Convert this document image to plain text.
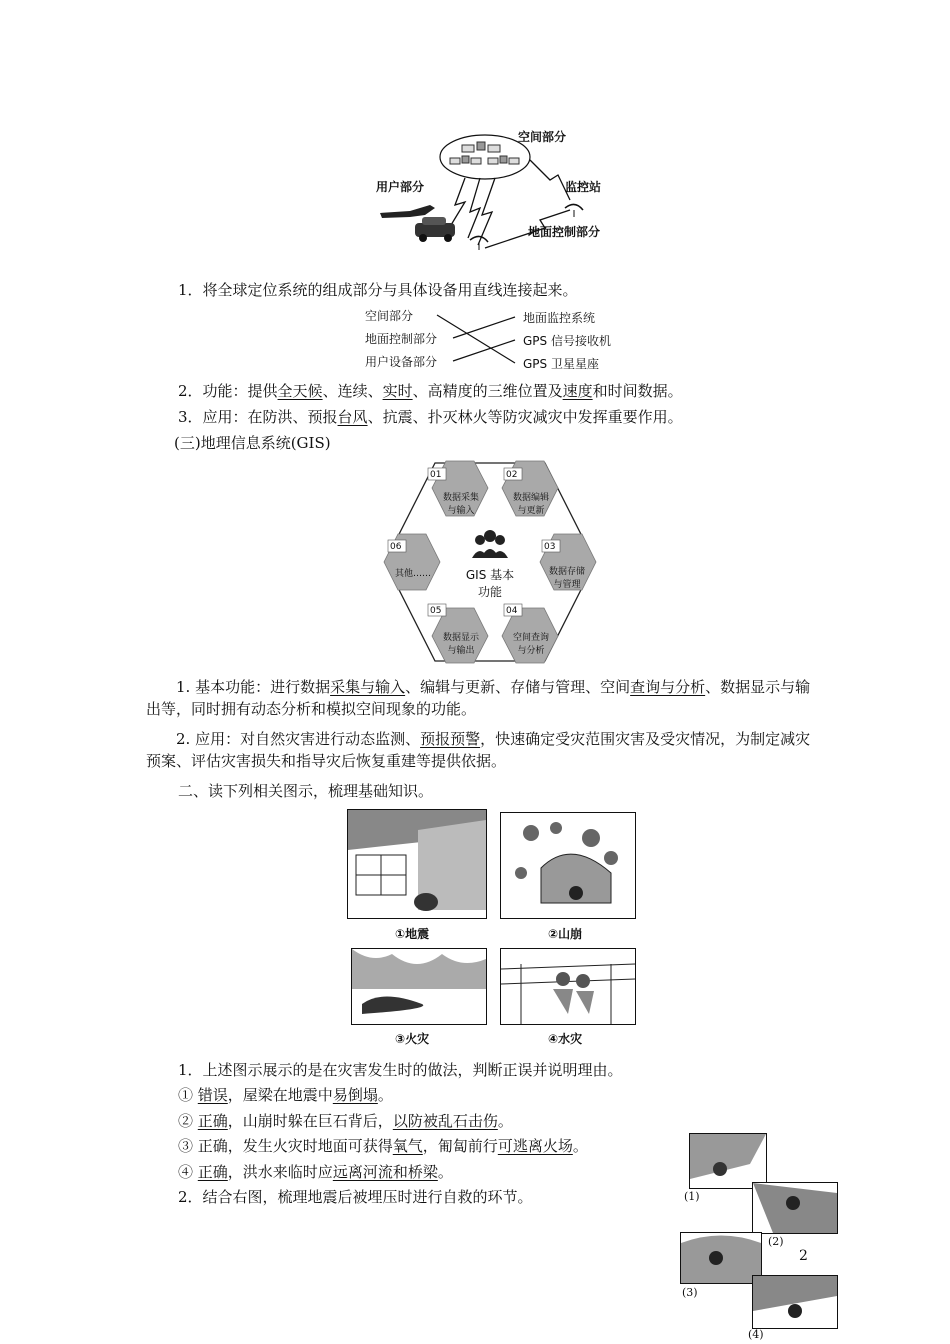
空间部分
用户部分	监控站
地面控制部分
1．将全球定位系统的组成部分与具体设备用直线连接起来。
空间部分
地面控制部分
用户设备部分
地面监控系统
GPS 信号接收机
GPS 卫星星座
2．功能：提供全天候、连续、实时、高精度的三维位置及速度和时间数据。
3．应用：在防洪、预报台风、抗震、扑灭林火等防灾减灾中发挥重要作用。
(三)地理信息系统(GIS)
01
数据采集与输入
02
数据编辑与更新
03
数据存储与管理
04
空间查询与分析
05
数据显示与输出
06
其他……	GIS 基本功能
1. 基本功能：进行数据采集与输入、编辑与更新、存储与管理、空间查询与分析、数据显示与输出等，同时拥有动态分析和模拟空间现象的功能。
2. 应用：对自然灾害进行动态监测、预报预警，快速确定受灾范围灾害及受灾情况，为制定减灾预案、评估灾害损失和指导灾后恢复重建等提供依据。
二、读下列相关图示，梳理基础知识。
①地震	②山崩
③火灾	④水灾
1．上述图示展示的是在灾害发生时的做法，判断正误并说明理由。
① 错误，屋梁在地震中易倒塌。
② 正确，山崩时躲在巨石背后，以防被乱石击伤。
③ 正确，发生火灾时地面可获得氧气，匍匐前行可逃离火场。
④ 正确，洪水来临时应远离河流和桥梁。
2．结合右图，梳理地震后被埋压时进行自救的环节。	(1)
(2)
(3)
(4)
2
